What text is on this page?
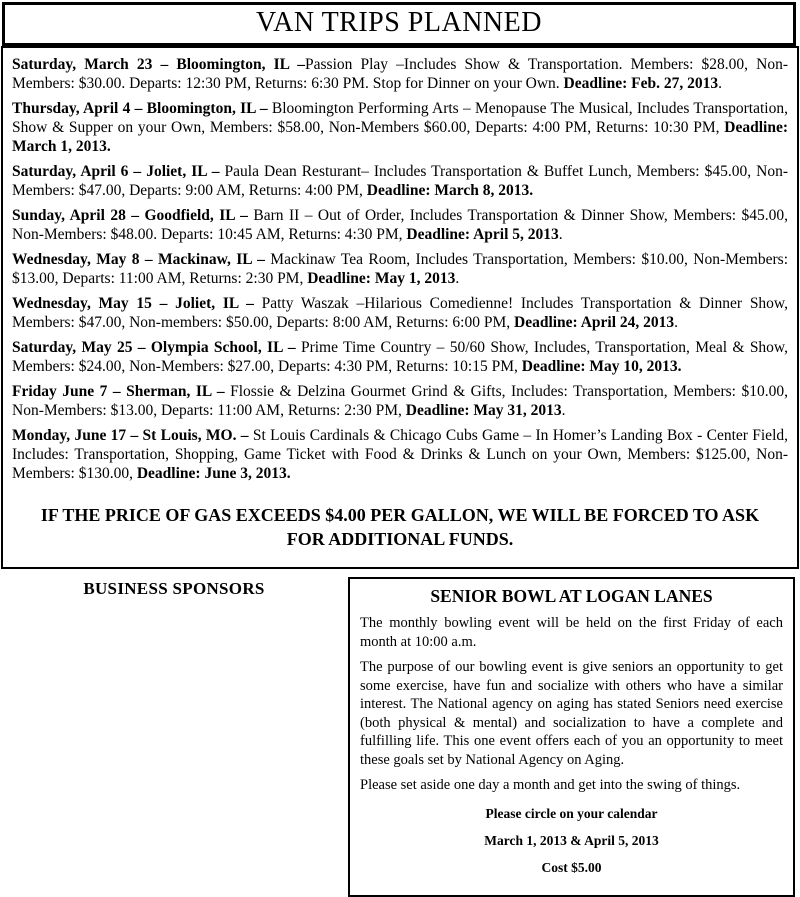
VAN TRIPS PLANNED

Saturday, March 23 – Bloomington, IL –Passion Play –Includes Show & Transportation. Members: $28.00, Non-Members: $30.00. Departs: 12:30 PM, Returns: 6:30 PM. Stop for Dinner on your Own. Deadline: Feb. 27, 2013.

Thursday, April 4 – Bloomington, IL – Bloomington Performing Arts – Menopause The Musical, Includes Transportation, Show & Supper on your Own, Members: $58.00, Non-Members $60.00, Departs: 4:00 PM, Returns: 10:30 PM, Deadline: March 1, 2013.

Saturday, April 6 – Joliet, IL – Paula Dean Resturant– Includes Transportation & Buffet Lunch, Members: $45.00, Non-Members: $47.00, Departs: 9:00 AM, Returns: 4:00 PM, Deadline: March 8, 2013.

Sunday, April 28 – Goodfield, IL – Barn II – Out of Order, Includes Transportation & Dinner Show, Members: $45.00, Non-Members: $48.00. Departs: 10:45 AM, Returns: 4:30 PM, Deadline: April 5, 2013.

Wednesday, May 8 – Mackinaw, IL – Mackinaw Tea Room, Includes Transportation, Members: $10.00, Non-Members: $13.00, Departs: 11:00 AM, Returns: 2:30 PM, Deadline: May 1, 2013.

Wednesday, May 15 – Joliet, IL – Patty Waszak –Hilarious Comedienne! Includes Transportation & Dinner Show, Members: $47.00, Non-members: $50.00, Departs: 8:00 AM, Returns: 6:00 PM, Deadline: April 24, 2013.

Saturday, May 25 – Olympia School, IL – Prime Time Country – 50/60 Show, Includes, Transportation, Meal & Show, Members: $24.00, Non-Members: $27.00, Departs: 4:30 PM, Returns: 10:15 PM, Deadline: May 10, 2013.

Friday June 7 – Sherman, IL – Flossie & Delzina Gourmet Grind & Gifts, Includes: Transportation, Members: $10.00, Non-Members: $13.00, Departs: 11:00 AM, Returns: 2:30 PM, Deadline: May 31, 2013.

Monday, June 17 – St Louis, MO. – St Louis Cardinals & Chicago Cubs Game – In Homer’s Landing Box - Center Field, Includes: Transportation, Shopping, Game Ticket with Food & Drinks & Lunch on your Own, Members: $125.00, Non-Members: $130.00, Deadline: June 3, 2013.

IF THE PRICE OF GAS EXCEEDS $4.00 PER GALLON, WE WILL BE FORCED TO ASK FOR ADDITIONAL FUNDS.

BUSINESS SPONSORS	SENIOR BOWL AT LOGAN LANES

The monthly bowling event will be held on the first Friday of each month at 10:00 a.m.

The purpose of our bowling event is give seniors an opportunity to get some exercise, have fun and socialize with others who have a similar interest. The National agency on aging has stated Seniors need exercise (both physical & mental) and socialization to have a complete and fulfilling life. This one event offers each of you an opportunity to meet these goals set by National Agency on Aging.

Please set aside one day a month and get into the swing of things.

Please circle on your calendar
March 1, 2013 & April 5, 2013
Cost $5.00
